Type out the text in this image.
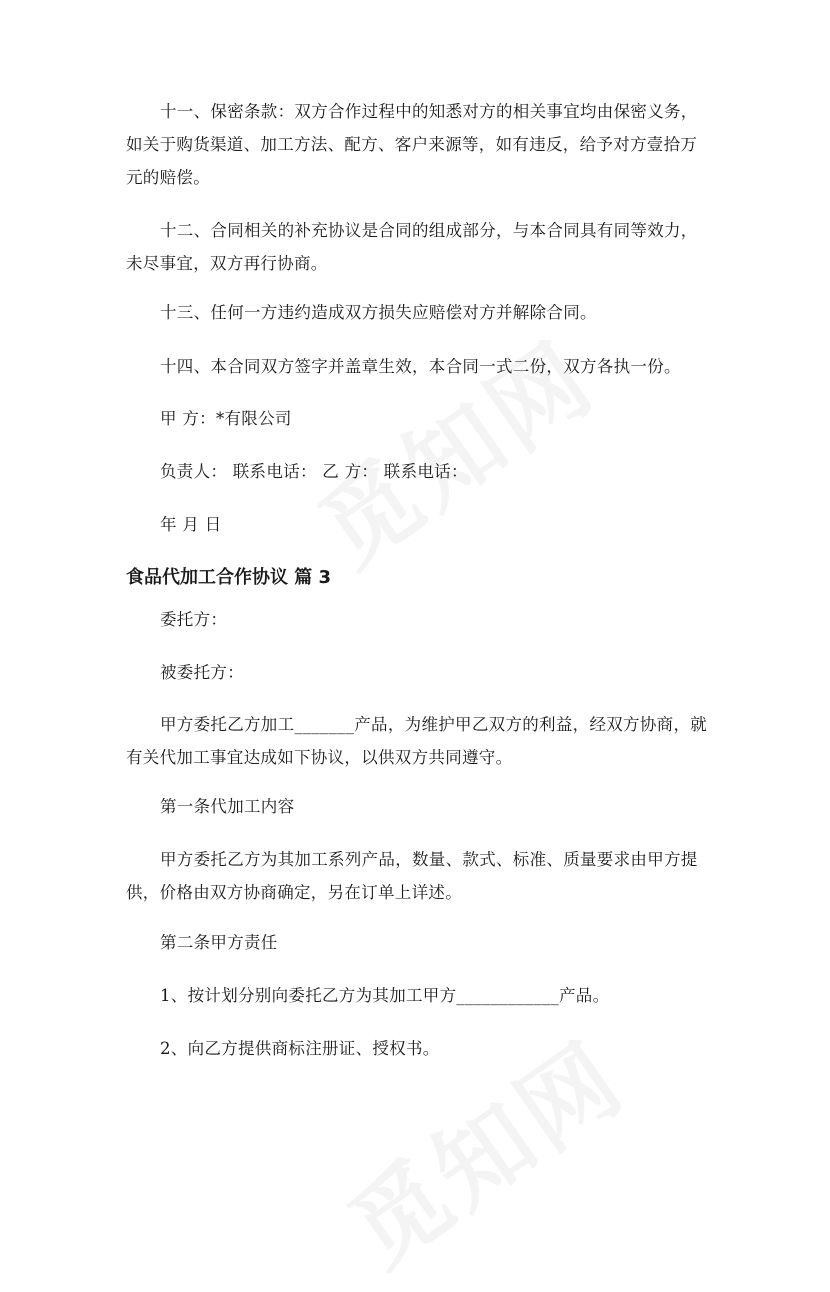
十一、保密条款：双方合作过程中的知悉对方的相关事宜均由保密义务，如关于购货渠道、加工方法、配方、客户来源等，如有违反，给予对方壹拾万元的赔偿。

十二、合同相关的补充协议是合同的组成部分，与本合同具有同等效力，未尽事宜，双方再行协商。

十三、任何一方违约造成双方损失应赔偿对方并解除合同。

十四、本合同双方签字并盖章生效，本合同一式二份，双方各执一份。

甲 方：*有限公司

负责人： 联系电话： 乙 方： 联系电话：

年 月 日

食品代加工合作协议 篇 3

委托方：

被委托方：

甲方委托乙方加工_______产品，为维护甲乙双方的利益，经双方协商，就有关代加工事宜达成如下协议，以供双方共同遵守。

第一条代加工内容

甲方委托乙方为其加工系列产品，数量、款式、标准、质量要求由甲方提供，价格由双方协商确定，另在订单上详述。

第二条甲方责任

1、按计划分别向委托乙方为其加工甲方____________产品。

2、向乙方提供商标注册证、授权书。
